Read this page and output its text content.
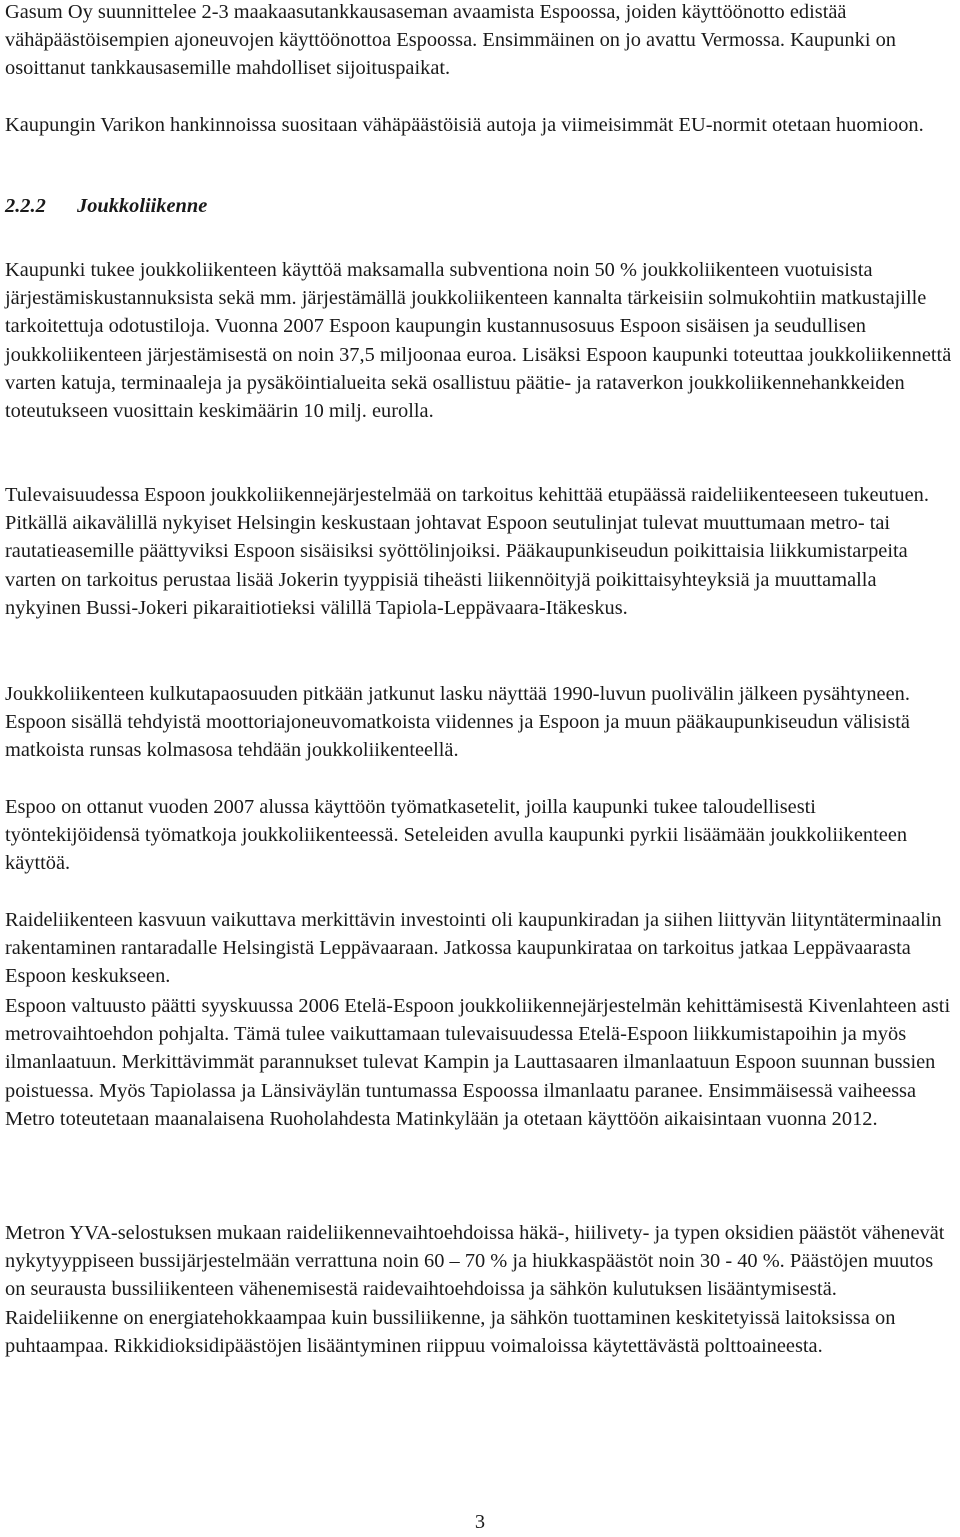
Gasum Oy suunnittelee 2-3 maakaasutankkausaseman avaamista Espoossa, joiden käyttöönotto edistää vähäpäästöisempien ajoneuvojen käyttöönottoa Espoossa. Ensimmäinen on jo avattu Vermossa. Kaupunki on osoittanut tankkausasemille mahdolliset sijoituspaikat.

Kaupungin Varikon hankinnoissa suositaan vähäpäästöisiä autoja ja viimeisimmät EU-normit otetaan huomioon.

2.2.2 Joukkoliikenne

Kaupunki tukee joukkoliikenteen käyttöä maksamalla subventiona noin 50 % joukkoliikenteen vuotuisista järjestämiskustannuksista sekä mm. järjestämällä joukkoliikenteen kannalta tärkeisiin solmukohtiin matkustajille tarkoitettuja odotustiloja. Vuonna 2007 Espoon kaupungin kustannusosuus Espoon sisäisen ja seudullisen joukkoliikenteen järjestämisestä on noin 37,5 miljoonaa euroa. Lisäksi Espoon kaupunki toteuttaa joukkoliikennettä varten katuja, terminaaleja ja pysäköintialueita sekä osallistuu päätie- ja rataverkon joukkoliikennehankkeiden toteutukseen vuosittain keskimäärin 10 milj. eurolla.

Tulevaisuudessa Espoon joukkoliikennejärjestelmää on tarkoitus kehittää etupäässä raideliikenteeseen tukeutuen. Pitkällä aikavälillä nykyiset Helsingin keskustaan johtavat Espoon seutulinjat tulevat muuttumaan metro- tai rautatieasemille päättyviksi Espoon sisäisiksi syöttölinjoiksi. Pääkaupunkiseudun poikittaisia liikkumistarpeita varten on tarkoitus perustaa lisää Jokerin tyyppisiä tiheästi liikennöityjä poikittaisyhteyksiä ja muuttamalla nykyinen Bussi-Jokeri pikaraitiotieksi välillä Tapiola-Leppävaara-Itäkeskus.

Joukkoliikenteen kulkutapaosuuden pitkään jatkunut lasku näyttää 1990-luvun puolivälin jälkeen pysähtyneen. Espoon sisällä tehdyistä moottoriajoneuvomatkoista viidennes ja Espoon ja muun pääkaupunkiseudun välisistä matkoista runsas kolmasosa tehdään joukkoliikenteellä.

Espoo on ottanut vuoden 2007 alussa käyttöön työmatkasetelit, joilla kaupunki tukee taloudellisesti työntekijöidensä työmatkoja joukkoliikenteessä. Seteleiden avulla kaupunki pyrkii lisäämään joukkoliikenteen käyttöä.

Raideliikenteen kasvuun vaikuttava merkittävin investointi oli kaupunkiradan ja siihen liittyvän liityntäterminaalin rakentaminen rantaradalle Helsingistä Leppävaaraan. Jatkossa kaupunkirataa on tarkoitus jatkaa Leppävaarasta Espoon keskukseen.

Espoon valtuusto päätti syyskuussa 2006 Etelä-Espoon joukkoliikennejärjestelmän kehittämisestä Kivenlahteen asti metrovaihtoehdon pohjalta. Tämä tulee vaikuttamaan tulevaisuudessa Etelä-Espoon liikkumistapoihin ja myös ilmanlaatuun. Merkittävimmät parannukset tulevat Kampin ja Lauttasaaren ilmanlaatuun Espoon suunnan bussien poistuessa. Myös Tapiolassa ja Länsiväylän tuntumassa Espoossa ilmanlaatu paranee. Ensimmäisessä vaiheessa Metro toteutetaan maanalaisena Ruoholahdesta Matinkylään ja otetaan käyttöön aikaisintaan vuonna 2012.

Metron YVA-selostuksen mukaan raideliikennevaihtoehdoissa häkä-, hiilivety- ja typen oksidien päästöt vähenevät nykytyyppiseen bussijärjestelmään verrattuna noin 60 – 70 % ja hiukkaspäästöt noin 30 - 40 %. Päästöjen muutos on seurausta bussiliikenteen vähenemisestä raidevaihtoehdoissa ja sähkön kulutuksen lisääntymisestä. Raideliikenne on energiatehokkaampaa kuin bussiliikenne, ja sähkön tuottaminen keskitetyissä laitoksissa on puhtaampaa. Rikkidioksidipäästöjen lisääntyminen riippuu voimaloissa käytettävästä polttoaineesta.

3
